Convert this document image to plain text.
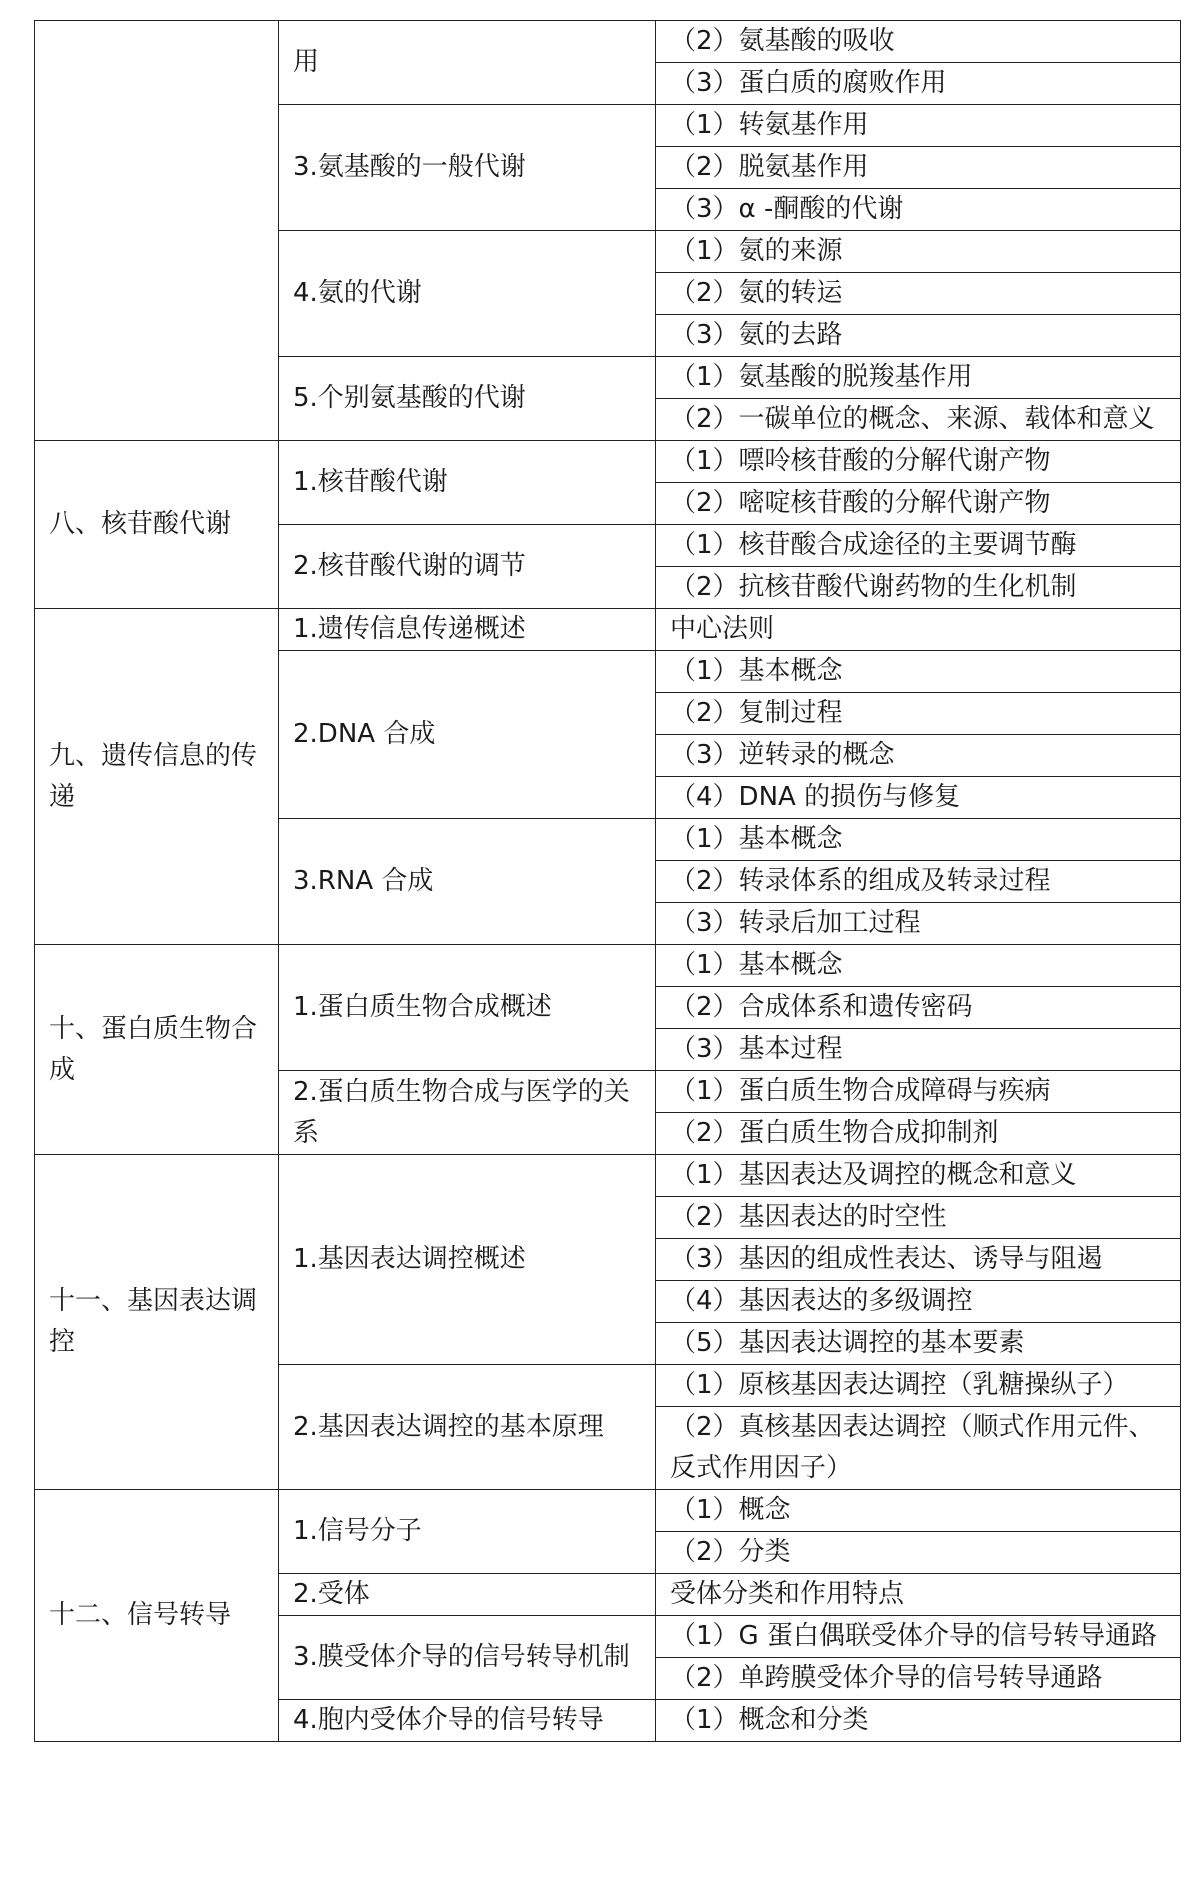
	用	（2）氨基酸的吸收
		（3）蛋白质的腐败作用
	3.氨基酸的一般代谢	（1）转氨基作用
		（2）脱氨基作用
		（3）α -酮酸的代谢
	4.氨的代谢	（1）氨的来源
		（2）氨的转运
		（3）氨的去路
	5.个别氨基酸的代谢	（1）氨基酸的脱羧基作用
		（2）一碳单位的概念、来源、载体和意义
八、核苷酸代谢	1.核苷酸代谢	（1）嘌呤核苷酸的分解代谢产物
		（2）嘧啶核苷酸的分解代谢产物
	2.核苷酸代谢的调节	（1）核苷酸合成途径的主要调节酶
		（2）抗核苷酸代谢药物的生化机制
九、遗传信息的传递	1.遗传信息传递概述	中心法则
	2.DNA 合成	（1）基本概念
		（2）复制过程
		（3）逆转录的概念
		（4）DNA 的损伤与修复
	3.RNA 合成	（1）基本概念
		（2）转录体系的组成及转录过程
		（3）转录后加工过程
十、蛋白质生物合成	1.蛋白质生物合成概述	（1）基本概念
		（2）合成体系和遗传密码
		（3）基本过程
	2.蛋白质生物合成与医学的关系	（1）蛋白质生物合成障碍与疾病
		（2）蛋白质生物合成抑制剂
十一、基因表达调控	1.基因表达调控概述	（1）基因表达及调控的概念和意义
		（2）基因表达的时空性
		（3）基因的组成性表达、诱导与阻遏
		（4）基因表达的多级调控
		（5）基因表达调控的基本要素
	2.基因表达调控的基本原理	（1）原核基因表达调控（乳糖操纵子）
		（2）真核基因表达调控（顺式作用元件、反式作用因子）
十二、信号转导	1.信号分子	（1）概念
		（2）分类
	2.受体	受体分类和作用特点
	3.膜受体介导的信号转导机制	（1）G 蛋白偶联受体介导的信号转导通路
		（2）单跨膜受体介导的信号转导通路
	4.胞内受体介导的信号转导	（1）概念和分类
